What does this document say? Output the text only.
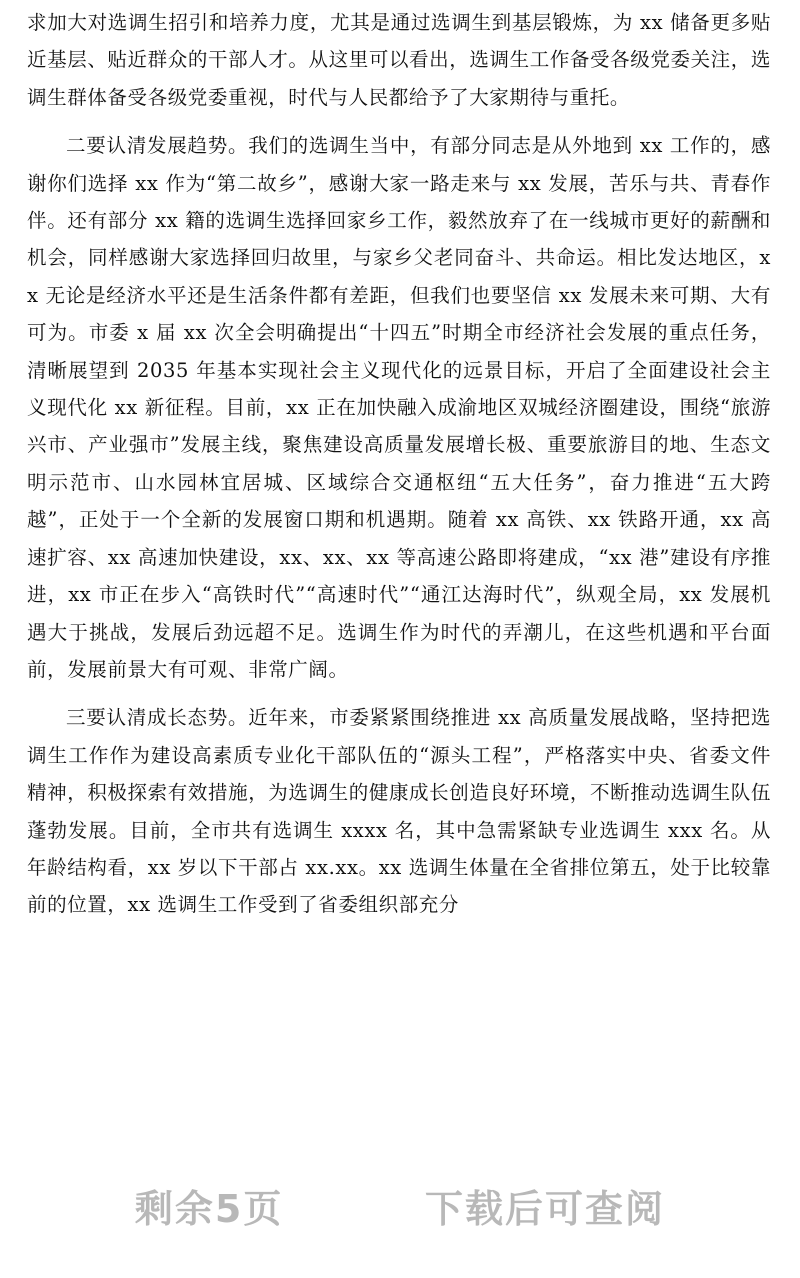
求加大对选调生招引和培养力度，尤其是通过选调生到基层锻炼，为 xx 储备更多贴近基层、贴近群众的干部人才。从这里可以看出，选调生工作备受各级党委关注，选调生群体备受各级党委重视，时代与人民都给予了大家期待与重托。

二要认清发展趋势。我们的选调生当中，有部分同志是从外地到 xx 工作的，感谢你们选择 xx 作为“第二故乡”，感谢大家一路走来与 xx 发展，苦乐与共、青春作伴。还有部分 xx 籍的选调生选择回家乡工作，毅然放弃了在一线城市更好的薪酬和机会，同样感谢大家选择回归故里，与家乡父老同奋斗、共命运。相比发达地区，xx 无论是经济水平还是生活条件都有差距，但我们也要坚信 xx 发展未来可期、大有可为。市委 x 届 xx 次全会明确提出“十四五”时期全市经济社会发展的重点任务，清晰展望到 2035 年基本实现社会主义现代化的远景目标，开启了全面建设社会主义现代化 xx 新征程。目前，xx 正在加快融入成渝地区双城经济圈建设，围绕“旅游兴市、产业强市”发展主线，聚焦建设高质量发展增长极、重要旅游目的地、生态文明示范市、山水园林宜居城、区域综合交通枢纽“五大任务”，奋力推进“五大跨越”，正处于一个全新的发展窗口期和机遇期。随着 xx 高铁、xx 铁路开通，xx 高速扩容、xx 高速加快建设，xx、xx、xx 等高速公路即将建成，“xx 港”建设有序推进，xx 市正在步入“高铁时代”“高速时代”“通江达海时代”，纵观全局，xx 发展机遇大于挑战，发展后劲远超不足。选调生作为时代的弄潮儿，在这些机遇和平台面前，发展前景大有可观、非常广阔。

三要认清成长态势。近年来，市委紧紧围绕推进 xx 高质量发展战略，坚持把选调生工作作为建设高素质专业化干部队伍的“源头工程”，严格落实中央、省委文件精神，积极探索有效措施，为选调生的健康成长创造良好环境，不断推动选调生队伍蓬勃发展。目前，全市共有选调生 xxxx 名，其中急需紧缺专业选调生 xxx 名。从年龄结构看，xx 岁以下干部占 xx.xx。xx 选调生体量在全省排位第五，处于比较靠前的位置，xx 选调生工作受到了省委组织部充分

剩余5页   下载后可查阅
